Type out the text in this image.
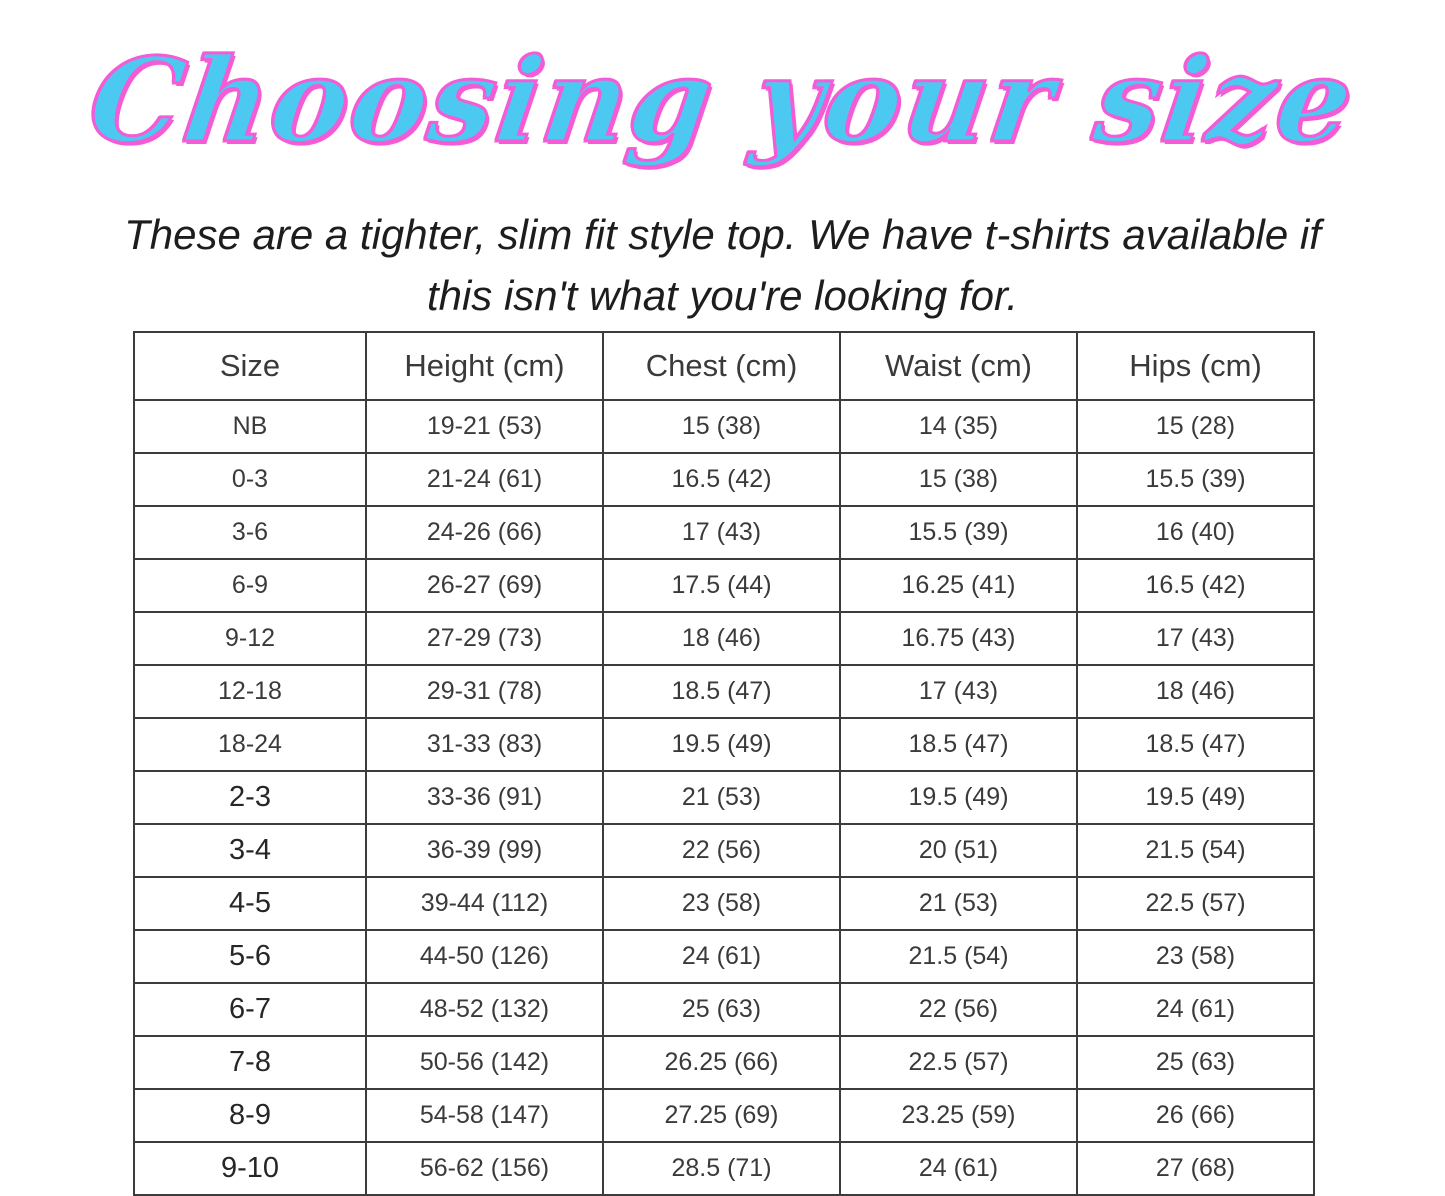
Choosing your size
These are a tighter, slim fit style top. We have t-shirts available if this isn't what you're looking for.
Size	Height (cm)	Chest (cm)	Waist (cm)	Hips (cm)
NB	19-21 (53)	15 (38)	14 (35)	15 (28)
0-3	21-24 (61)	16.5 (42)	15 (38)	15.5 (39)
3-6	24-26 (66)	17 (43)	15.5 (39)	16 (40)
6-9	26-27 (69)	17.5 (44)	16.25 (41)	16.5 (42)
9-12	27-29 (73)	18 (46)	16.75 (43)	17 (43)
12-18	29-31 (78)	18.5 (47)	17 (43)	18 (46)
18-24	31-33 (83)	19.5 (49)	18.5 (47)	18.5 (47)
2-3	33-36 (91)	21 (53)	19.5 (49)	19.5 (49)
3-4	36-39 (99)	22 (56)	20 (51)	21.5 (54)
4-5	39-44 (112)	23 (58)	21 (53)	22.5 (57)
5-6	44-50 (126)	24 (61)	21.5 (54)	23 (58)
6-7	48-52 (132)	25 (63)	22 (56)	24 (61)
7-8	50-56 (142)	26.25 (66)	22.5 (57)	25 (63)
8-9	54-58 (147)	27.25 (69)	23.25 (59)	26 (66)
9-10	56-62 (156)	28.5 (71)	24 (61)	27 (68)
